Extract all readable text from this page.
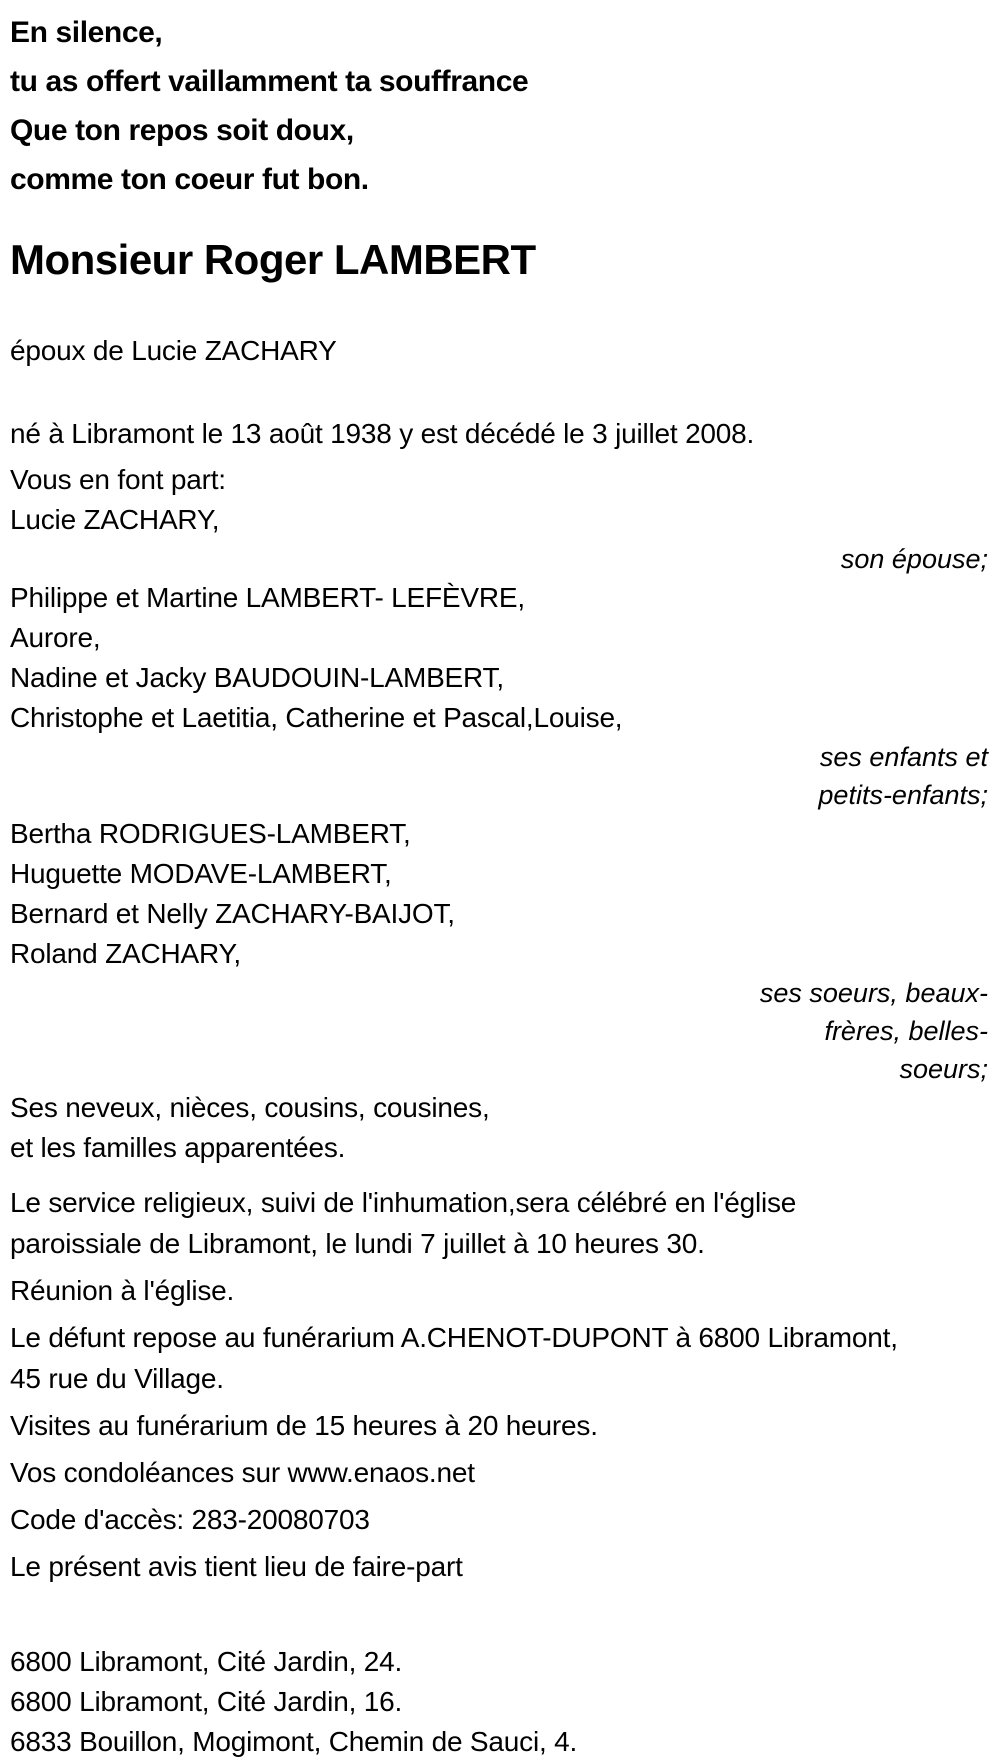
En silence,
tu as offert vaillamment ta souffrance
Que ton repos soit doux,
comme ton coeur fut bon.
Monsieur Roger LAMBERT

époux de Lucie ZACHARY

né à Libramont le 13 août 1938 y est décédé le 3 juillet 2008.

Vous en font part:

Lucie ZACHARY,
son épouse;
Philippe et Martine LAMBERT- LEFÈVRE,
Aurore,
Nadine et Jacky BAUDOUIN-LAMBERT,
Christophe et Laetitia, Catherine et Pascal,Louise,
ses enfants et
petits-enfants;
Bertha RODRIGUES-LAMBERT,
Huguette MODAVE-LAMBERT,
Bernard et Nelly ZACHARY-BAIJOT,
Roland ZACHARY,
ses soeurs, beaux-
frères, belles-
soeurs;
Ses neveux, nièces, cousins, cousines,
et les familles apparentées.
Le service religieux, suivi de l'inhumation,sera célébré en l'église
paroissiale de Libramont, le lundi 7 juillet à 10 heures 30.
Réunion à l'église.
Le défunt repose au funérarium A.CHENOT-DUPONT à 6800 Libramont,
45 rue du Village.
Visites au funérarium de 15 heures à 20 heures.
Vos condoléances sur www.enaos.net
Code d'accès: 283-20080703
Le présent avis tient lieu de faire-part
6800 Libramont, Cité Jardin, 24.
6800 Libramont, Cité Jardin, 16.
6833 Bouillon, Mogimont, Chemin de Sauci, 4.
